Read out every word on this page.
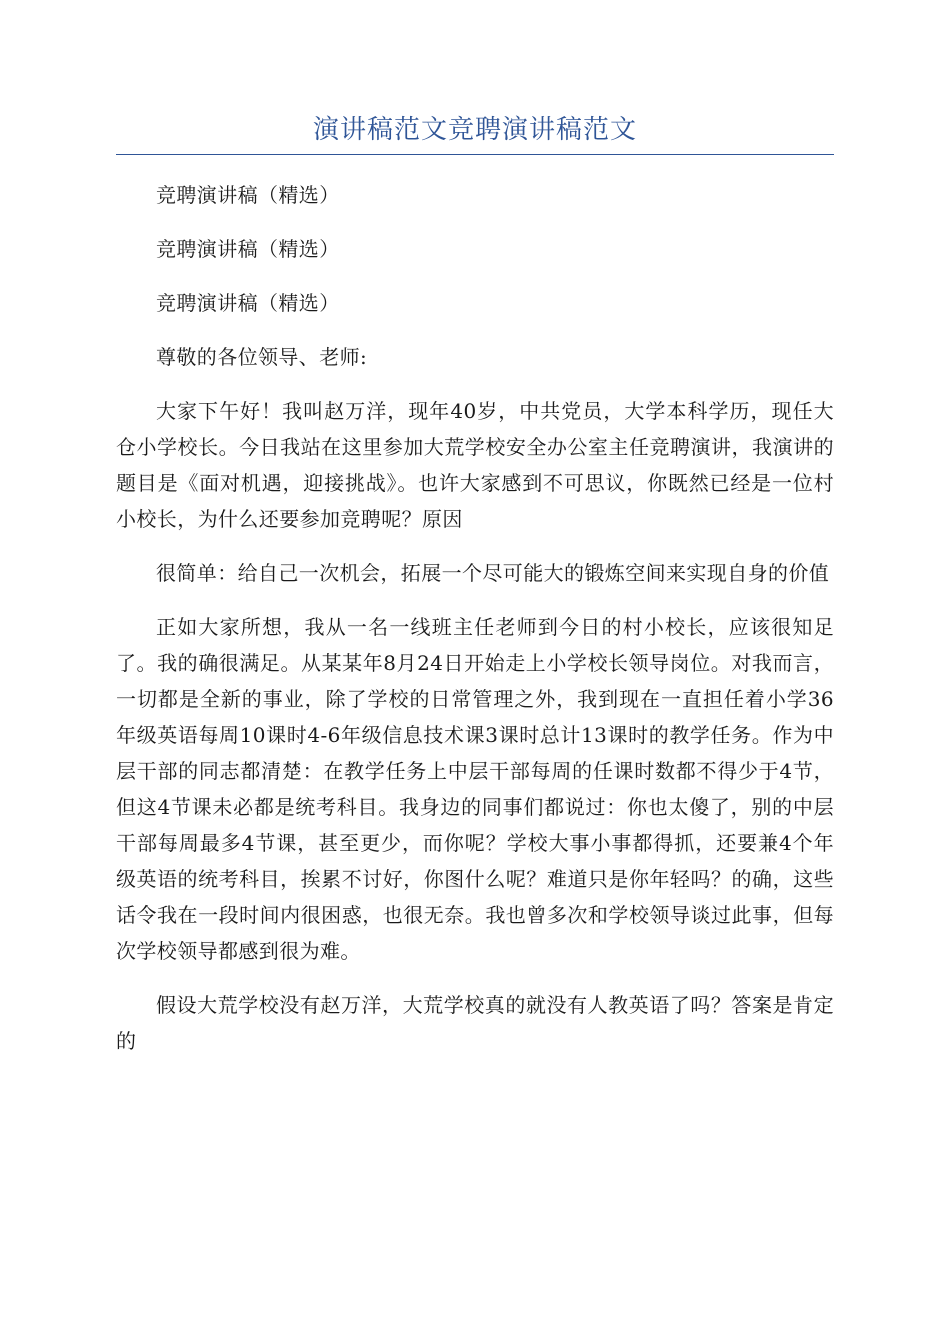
演讲稿范文竞聘演讲稿范文

竞聘演讲稿（精选）

竞聘演讲稿（精选）

竞聘演讲稿（精选）

尊敬的各位领导、老师:

大家下午好！我叫赵万洋，现年40岁，中共党员，大学本科学历，现任大仓小学校长。今日我站在这里参加大荒学校安全办公室主任竞聘演讲，我演讲的题目是《面对机遇，迎接挑战》。也许大家感到不可思议，你既然已经是一位村小校长，为什么还要参加竞聘呢？原因

很简单：给自己一次机会，拓展一个尽可能大的锻炼空间来实现自身的价值

正如大家所想，我从一名一线班主任老师到今日的村小校长，应该很知足了。我的确很满足。从某某年8月24日开始走上小学校长领导岗位。对我而言，一切都是全新的事业，除了学校的日常管理之外，我到现在一直担任着小学36年级英语每周10课时4-6年级信息技术课3课时总计13课时的教学任务。作为中层干部的同志都清楚：在教学任务上中层干部每周的任课时数都不得少于4节，但这4节课未必都是统考科目。我身边的同事们都说过：你也太傻了，别的中层干部每周最多4节课，甚至更少，而你呢？学校大事小事都得抓，还要兼4个年级英语的统考科目，挨累不讨好，你图什么呢？难道只是你年轻吗？的确，这些话令我在一段时间内很困惑，也很无奈。我也曾多次和学校领导谈过此事，但每次学校领导都感到很为难。

假设大荒学校没有赵万洋，大荒学校真的就没有人教英语了吗？答案是肯定的
